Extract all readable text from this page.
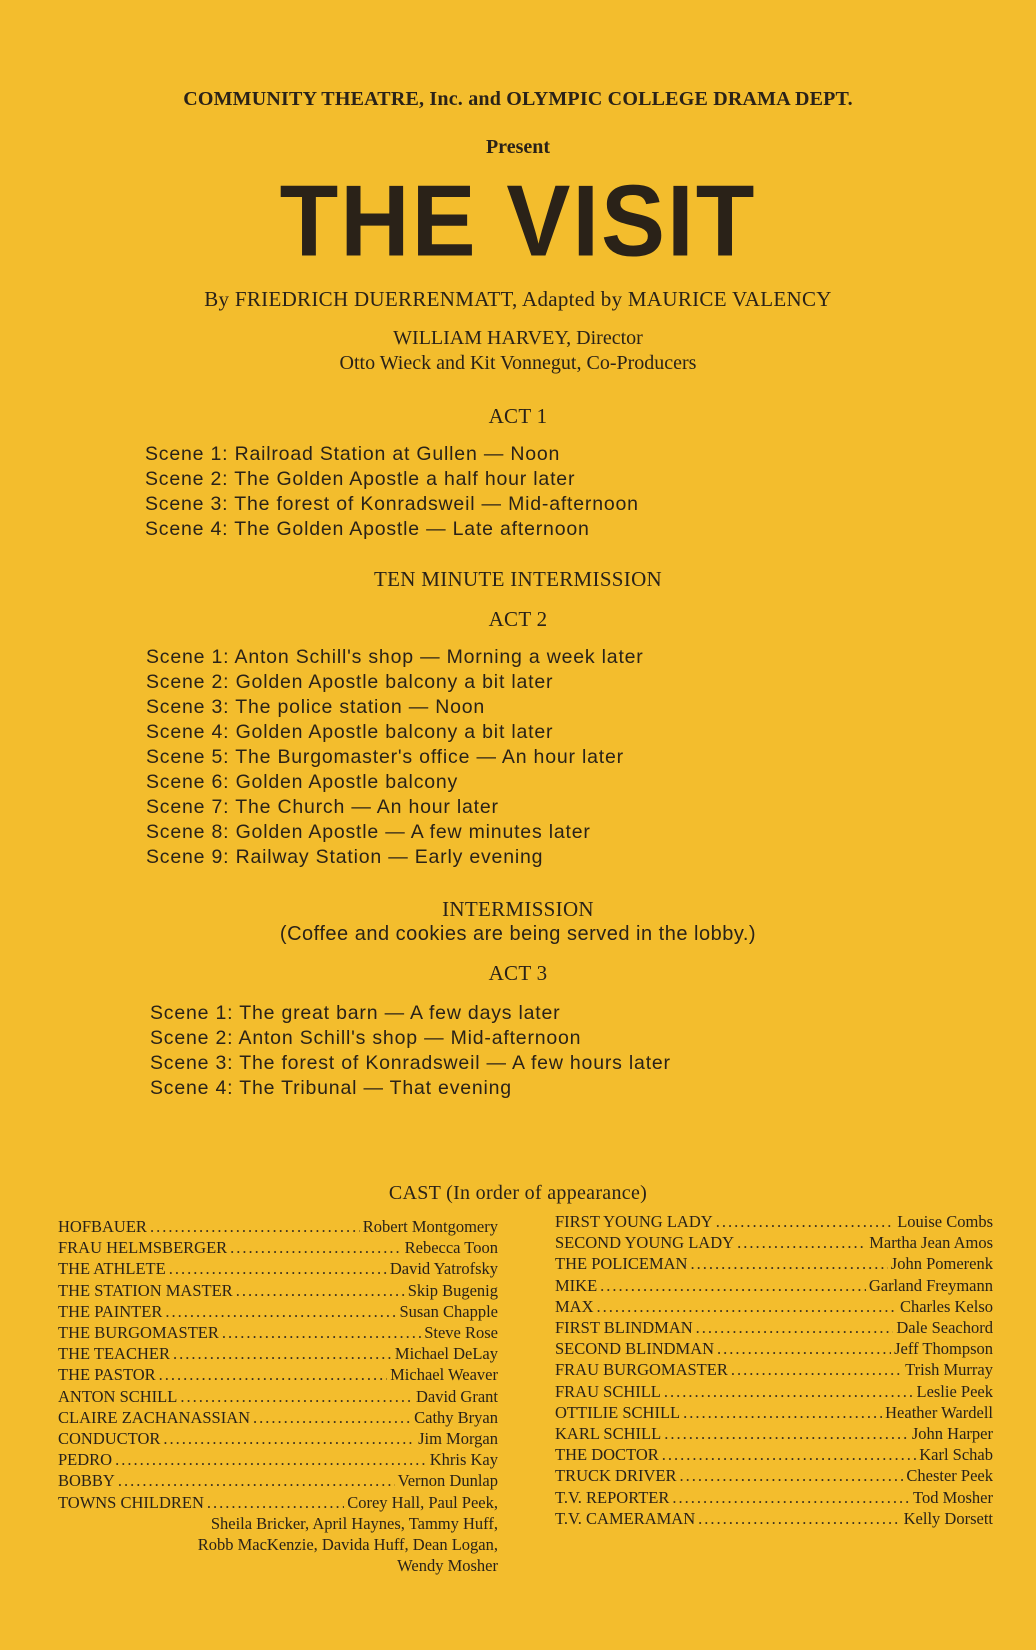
COMMUNITY THEATRE, Inc. and OLYMPIC COLLEGE DRAMA DEPT.
Present
THE VISIT
By FRIEDRICH DUERRENMATT, Adapted by MAURICE VALENCY
WILLIAM HARVEY, Director
Otto Wieck and Kit Vonnegut, Co-Producers
ACT 1
Scene 1: Railroad Station at Gullen — Noon
Scene 2: The Golden Apostle a half hour later
Scene 3: The forest of Konradsweil — Mid-afternoon
Scene 4: The Golden Apostle — Late afternoon
TEN MINUTE INTERMISSION
ACT 2
Scene 1: Anton Schill's shop — Morning a week later
Scene 2: Golden Apostle balcony a bit later
Scene 3: The police station — Noon
Scene 4: Golden Apostle balcony a bit later
Scene 5: The Burgomaster's office — An hour later
Scene 6: Golden Apostle balcony
Scene 7: The Church — An hour later
Scene 8: Golden Apostle — A few minutes later
Scene 9: Railway Station — Early evening
INTERMISSION
(Coffee and cookies are being served in the lobby.)
ACT 3
Scene 1: The great barn — A few days later
Scene 2: Anton Schill's shop — Mid-afternoon
Scene 3: The forest of Konradsweil — A few hours later
Scene 4: The Tribunal — That evening
CAST (In order of appearance)
HOFBAUER .....	Robert Montgomery
FRAU HELMSBERGER .....	Rebecca Toon
THE ATHLETE .....	David Yatrofsky
THE STATION MASTER .....	Skip Bugenig
THE PAINTER .....	Susan Chapple
THE BURGOMASTER .....	Steve Rose
THE TEACHER .....	Michael DeLay
THE PASTOR .....	Michael Weaver
ANTON SCHILL .....	David Grant
CLAIRE ZACHANASSIAN .....	Cathy Bryan
CONDUCTOR .....	Jim Morgan
PEDRO .....	Khris Kay
BOBBY .....	Vernon Dunlap
TOWNS CHILDREN .....	Corey Hall, Paul Peek,
Sheila Bricker, April Haynes, Tammy Huff,
Robb MacKenzie, Davida Huff, Dean Logan,
Wendy Mosher
FIRST YOUNG LADY .....	Louise Combs
SECOND YOUNG LADY .....	Martha Jean Amos
THE POLICEMAN .....	John Pomerenk
MIKE .....	Garland Freymann
MAX .....	Charles Kelso
FIRST BLINDMAN .....	Dale Seachord
SECOND BLINDMAN .....	Jeff Thompson
FRAU BURGOMASTER .....	Trish Murray
FRAU SCHILL .....	Leslie Peek
OTTILIE SCHILL .....	Heather Wardell
KARL SCHILL .....	John Harper
THE DOCTOR .....	Karl Schab
TRUCK DRIVER .....	Chester Peek
T.V. REPORTER .....	Tod Mosher
T.V. CAMERAMAN .....	Kelly Dorsett
